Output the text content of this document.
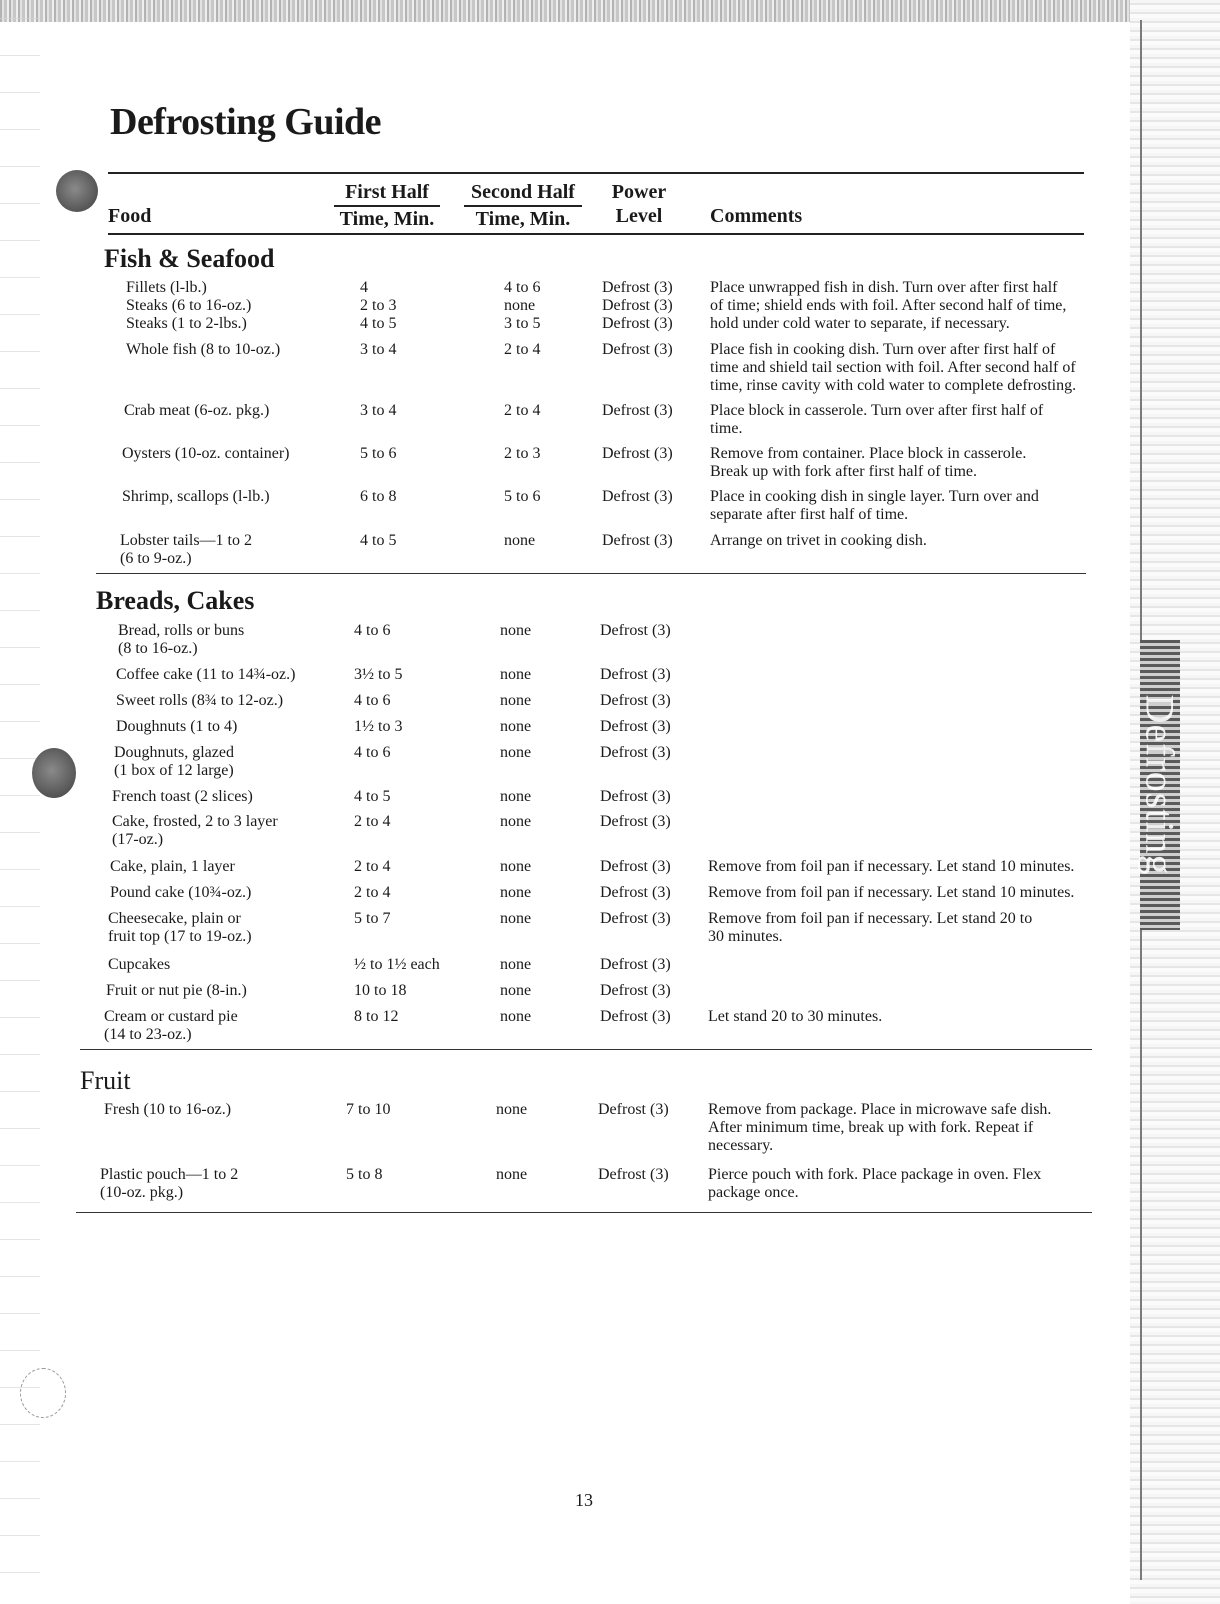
Defrosting
Defrosting Guide
Food
First Half
Time, Min.
Second Half
Time, Min.
Power
Level	Comments
Fish & Seafood
Fillets (l-lb.)	4	4 to 6	Defrost (3) Place unwrapped fish in dish. Turn over after first half
Steaks (6 to 16-oz.)	2 to 3	none	Defrost (3) of time; shield ends with foil. After second half of time,
Steaks (1 to 2-lbs.)	4 to 5	3 to 5	Defrost (3) hold under cold water to separate, if necessary.
Whole fish (8 to 10-oz.)	3 to 4	2 to 4	Defrost (3) Place fish in cooking dish. Turn over after first half of
time and shield tail section with foil. After second half of
time, rinse cavity with cold water to complete defrosting.
Crab meat (6-oz. pkg.)	3 to 4	2 to 4	Defrost (3) Place block in casserole. Turn over after first half of
time.
Oysters (10-oz. container)	5 to 6	2 to 3	Defrost (3) Remove from container. Place block in casserole.
Break up with fork after first half of time.
Shrimp, scallops (l-lb.)	6 to 8	5 to 6	Defrost (3) Place in cooking dish in single layer. Turn over and
separate after first half of time.
Lobster tails—1 to 2
(6 to 9-oz.)
4 to 5	none	Defrost (3) Arrange on trivet in cooking dish.
Breads, Cakes
Bread, rolls or buns
(8 to 16-oz.)
4 to 6	none	Defrost (3)
Coffee cake (11 to 14¾-oz.)	3½ to 5	none	Defrost (3)
Sweet rolls (8¾ to 12-oz.)	4 to 6	none	Defrost (3)
Doughnuts (1 to 4)	1½ to 3	none	Defrost (3)
Doughnuts, glazed
(1 box of 12 large)
4 to 6	none	Defrost (3)
French toast (2 slices)	4 to 5	none	Defrost (3)
Cake, frosted, 2 to 3 layer
(17-oz.)
2 to 4	none	Defrost (3)
Cake, plain, 1 layer	2 to 4	none	Defrost (3) Remove from foil pan if necessary. Let stand 10 minutes.
Pound cake (10¾-oz.)	2 to 4	none	Defrost (3) Remove from foil pan if necessary. Let stand 10 minutes.
Cheesecake, plain or
fruit top (17 to 19-oz.)
5 to 7	none	Defrost (3) Remove from foil pan if necessary. Let stand 20 to
30 minutes.
Cupcakes	½ to 1½ each	none	Defrost (3)
Fruit or nut pie (8-in.)	10 to 18	none	Defrost (3)
Cream or custard pie
(14 to 23-oz.)
8 to 12	none	Defrost (3) Let stand 20 to 30 minutes.
Fruit
Fresh (10 to 16-oz.)	7 to 10	none	Defrost (3) Remove from package. Place in microwave safe dish.
After minimum time, break up with fork. Repeat if
necessary.
Plastic pouch—1 to 2
(10-oz. pkg.)
5 to 8	none	Defrost (3) Pierce pouch with fork. Place package in oven. Flex
package once.
13
